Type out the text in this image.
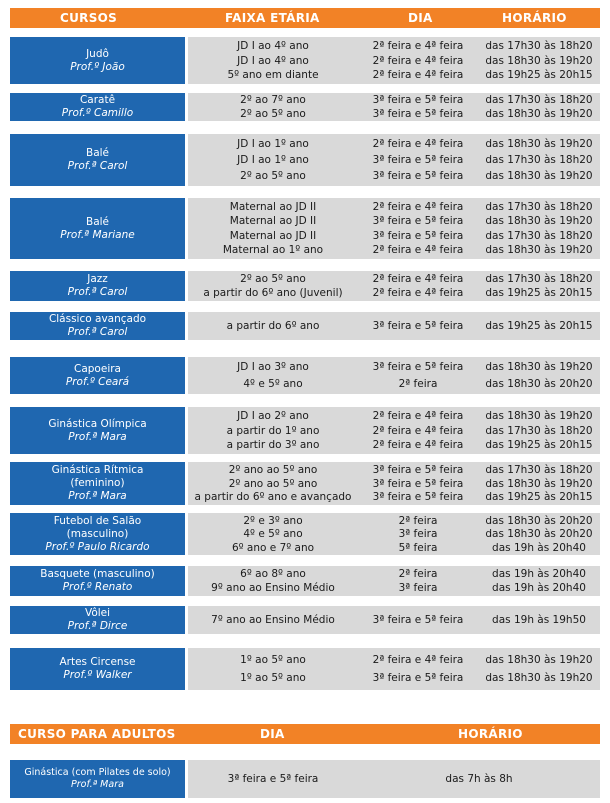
CURSOS	FAIXA ETÁRIA	DIA	HORÁRIO
Judô
Prof.º João
JD I ao 4º ano	2ª feira e 4ª feira	das 17h30 às 18h20
JD I ao 4º ano	2ª feira e 4ª feira	das 18h30 às 19h20
5º ano em diante	2ª feira e 4ª feira	das 19h25 às 20h15
Caratê
Prof.º Camillo
2º ao 7º ano	3ª feira e 5ª feira	das 17h30 às 18h20
2º ao 5º ano	3ª feira e 5ª feira	das 18h30 às 19h20
Balé
Prof.ª Carol
JD I ao 1º ano	2ª feira e 4ª feira	das 18h30 às 19h20
JD I ao 1º ano	3ª feira e 5ª feira	das 17h30 às 18h20
2º ao 5º ano	3ª feira e 5ª feira	das 18h30 às 19h20
Balé
Prof.ª Mariane
Maternal ao JD II	2ª feira e 4ª feira	das 17h30 às 18h20
Maternal ao JD II	3ª feira e 5ª feira	das 18h30 às 19h20
Maternal ao JD II	3ª feira e 5ª feira	das 17h30 às 18h20
Maternal ao 1º ano	2ª feira e 4ª feira	das 18h30 às 19h20
Jazz
Prof.ª Carol
2º ao 5º ano	2ª feira e 4ª feira	das 17h30 às 18h20
a partir do 6º ano (Juvenil)	2ª feira e 4ª feira	das 19h25 às 20h15
Clássico avançado
Prof.ª Carol	a partir do 6º ano	3ª feira e 5ª feira	das 19h25 às 20h15
Capoeira
Prof.º Ceará
JD I ao 3º ano	3ª feira e 5ª feira	das 18h30 às 19h20
4º e 5º ano	2ª feira	das 18h30 às 20h20
Ginástica Olímpica
Prof.ª Mara
JD I ao 2º ano	2ª feira e 4ª feira	das 18h30 às 19h20
a partir do 1º ano	2ª feira e 4ª feira	das 17h30 às 18h20
a partir do 3º ano	2ª feira e 4ª feira	das 19h25 às 20h15
Ginástica Rítmica
(feminino)
Prof.ª Mara
2º ano ao 5º ano	3ª feira e 5ª feira	das 17h30 às 18h20
2º ano ao 5º ano	3ª feira e 5ª feira	das 18h30 às 19h20
a partir do 6º ano e avançado	3ª feira e 5ª feira	das 19h25 às 20h15
Futebol de Salão
(masculino)
Prof.º Paulo Ricardo
2º e 3º ano	2ª feira	das 18h30 às 20h20
4º e 5º ano	3ª feira	das 18h30 às 20h20
6º ano e 7º ano	5ª feira	das 19h às 20h40
Basquete (masculino)
Prof.º Renato
6º ao 8º ano	2ª feira	das 19h às 20h40
9º ano ao Ensino Médio	3ª feira	das 19h às 20h40
Vôlei
Prof.ª Dirce	7º ano ao Ensino Médio	3ª feira e 5ª feira	das 19h às 19h50
Artes Circense
Prof.º Walker
1º ao 5º ano	2ª feira e 4ª feira	das 18h30 às 19h20
1º ao 5º ano	3ª feira e 5ª feira	das 18h30 às 19h20
CURSO PARA ADULTOS	DIA	HORÁRIO
Ginástica (com Pilates de solo)
Prof.ª Mara	3ª feira e 5ª feira	das 7h às 8h
